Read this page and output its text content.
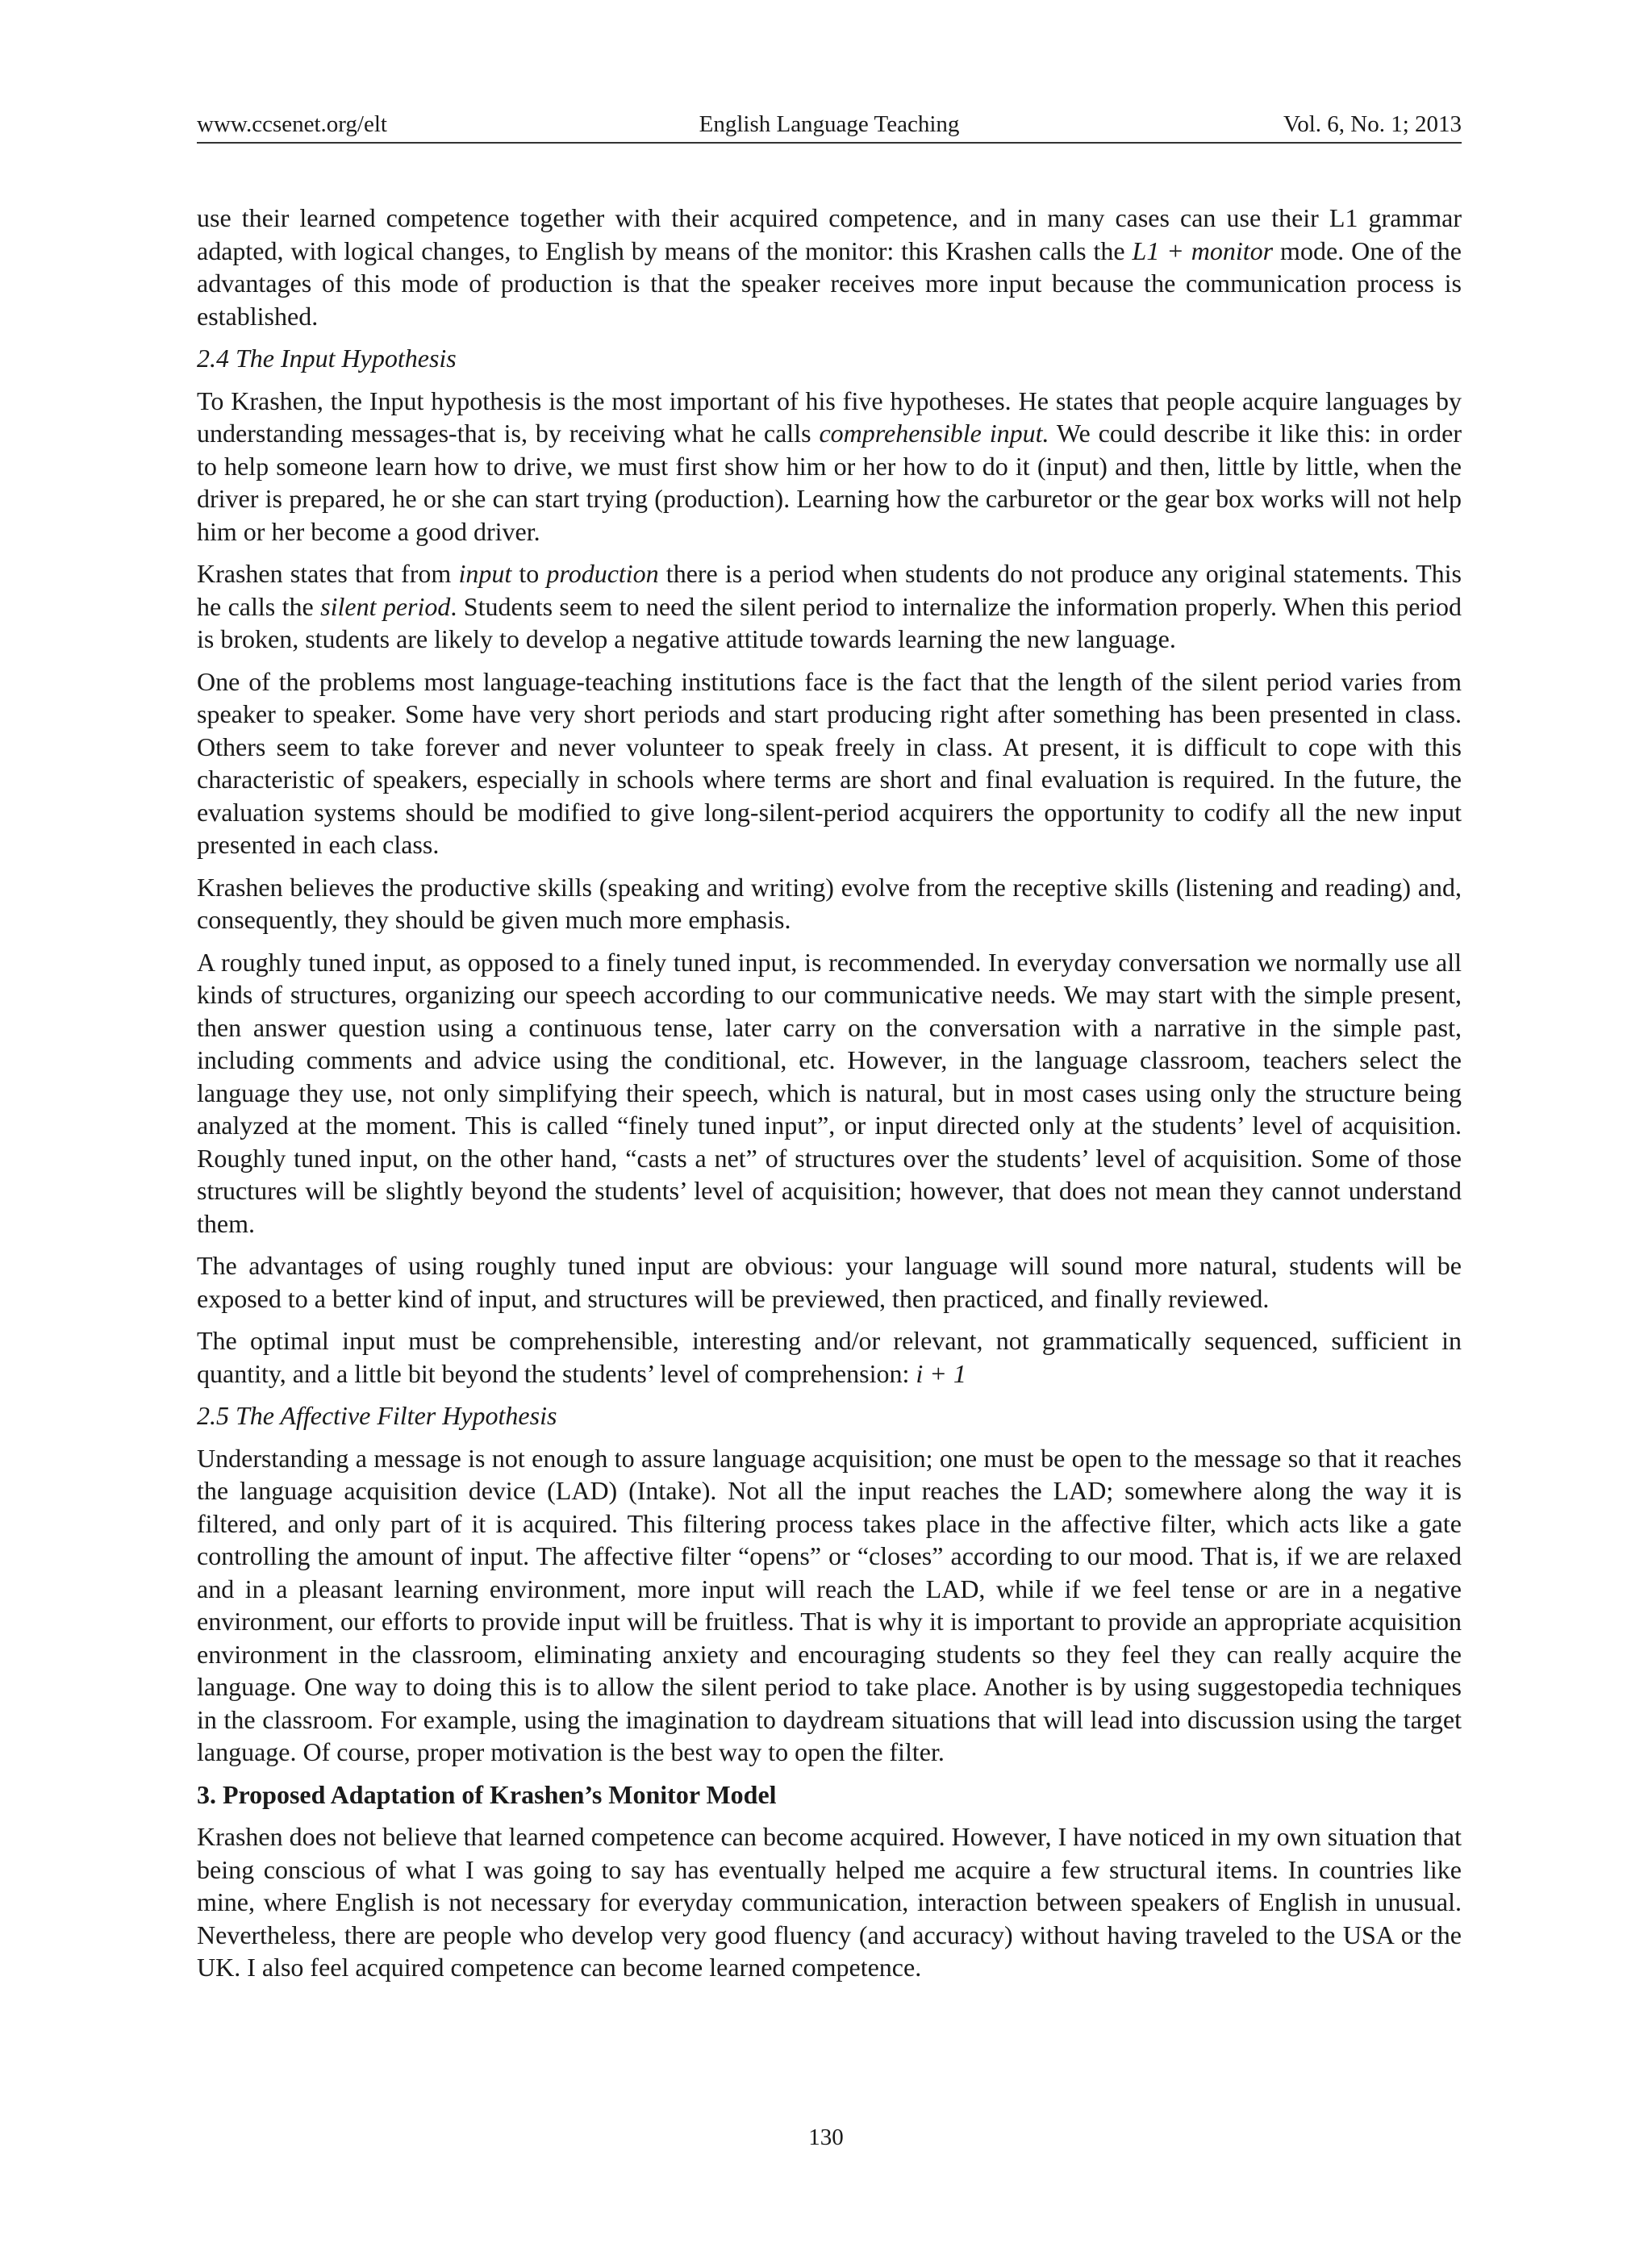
www.ccsenet.org/elt	English Language Teaching	Vol. 6, No. 1; 2013

use their learned competence together with their acquired competence, and in many cases can use their L1 grammar adapted, with logical changes, to English by means of the monitor: this Krashen calls the L1 + monitor mode. One of the advantages of this mode of production is that the speaker receives more input because the communication process is established.

2.4 The Input Hypothesis

To Krashen, the Input hypothesis is the most important of his five hypotheses. He states that people acquire languages by understanding messages-that is, by receiving what he calls comprehensible input. We could describe it like this: in order to help someone learn how to drive, we must first show him or her how to do it (input) and then, little by little, when the driver is prepared, he or she can start trying (production). Learning how the carburetor or the gear box works will not help him or her become a good driver.

Krashen states that from input to production there is a period when students do not produce any original statements. This he calls the silent period. Students seem to need the silent period to internalize the information properly. When this period is broken, students are likely to develop a negative attitude towards learning the new language.

One of the problems most language-teaching institutions face is the fact that the length of the silent period varies from speaker to speaker. Some have very short periods and start producing right after something has been presented in class. Others seem to take forever and never volunteer to speak freely in class. At present, it is difficult to cope with this characteristic of speakers, especially in schools where terms are short and final evaluation is required. In the future, the evaluation systems should be modified to give long-silent-period acquirers the opportunity to codify all the new input presented in each class.

Krashen believes the productive skills (speaking and writing) evolve from the receptive skills (listening and reading) and, consequently, they should be given much more emphasis.

A roughly tuned input, as opposed to a finely tuned input, is recommended. In everyday conversation we normally use all kinds of structures, organizing our speech according to our communicative needs. We may start with the simple present, then answer question using a continuous tense, later carry on the conversation with a narrative in the simple past, including comments and advice using the conditional, etc. However, in the language classroom, teachers select the language they use, not only simplifying their speech, which is natural, but in most cases using only the structure being analyzed at the moment. This is called “finely tuned input”, or input directed only at the students’ level of acquisition. Roughly tuned input, on the other hand, “casts a net” of structures over the students’ level of acquisition. Some of those structures will be slightly beyond the students’ level of acquisition; however, that does not mean they cannot understand them.

The advantages of using roughly tuned input are obvious: your language will sound more natural, students will be exposed to a better kind of input, and structures will be previewed, then practiced, and finally reviewed.

The optimal input must be comprehensible, interesting and/or relevant, not grammatically sequenced, sufficient in quantity, and a little bit beyond the students’ level of comprehension: i + 1

2.5 The Affective Filter Hypothesis

Understanding a message is not enough to assure language acquisition; one must be open to the message so that it reaches the language acquisition device (LAD) (Intake). Not all the input reaches the LAD; somewhere along the way it is filtered, and only part of it is acquired. This filtering process takes place in the affective filter, which acts like a gate controlling the amount of input. The affective filter “opens” or “closes” according to our mood. That is, if we are relaxed and in a pleasant learning environment, more input will reach the LAD, while if we feel tense or are in a negative environment, our efforts to provide input will be fruitless. That is why it is important to provide an appropriate acquisition environment in the classroom, eliminating anxiety and encouraging students so they feel they can really acquire the language. One way to doing this is to allow the silent period to take place. Another is by using suggestopedia techniques in the classroom. For example, using the imagination to daydream situations that will lead into discussion using the target language. Of course, proper motivation is the best way to open the filter.

3. Proposed Adaptation of Krashen’s Monitor Model

Krashen does not believe that learned competence can become acquired. However, I have noticed in my own situation that being conscious of what I was going to say has eventually helped me acquire a few structural items. In countries like mine, where English is not necessary for everyday communication, interaction between speakers of English in unusual. Nevertheless, there are people who develop very good fluency (and accuracy) without having traveled to the USA or the UK. I also feel acquired competence can become learned competence.

130
